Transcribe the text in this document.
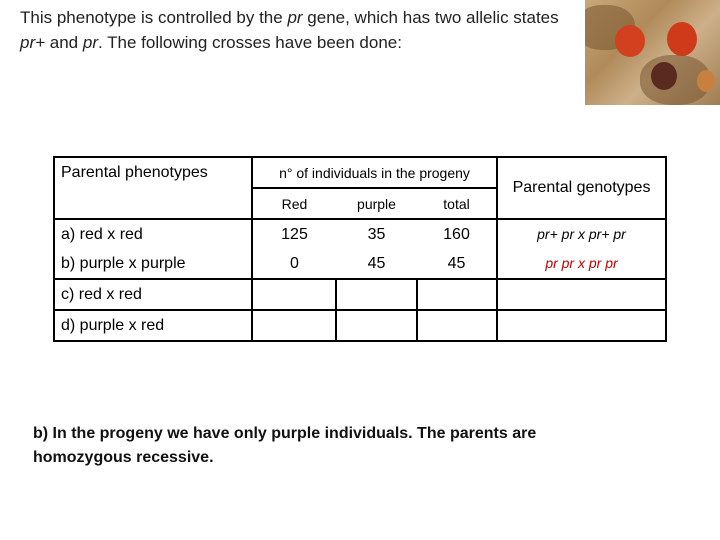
This phenotype is controlled by the pr gene, which has two allelic states pr+ and pr. The following crosses have been done:
Parental phenotypes	n° of individuals in the progeny			Parental genotypes
	Red	purple	total	
a) red x red	125	35	160	pr+ pr x pr+ pr
b) purple x purple	0	45	45	pr pr x pr pr
c) red x red				
d) purple x red				
b) In the progeny we have only purple individuals. The parents are homozygous recessive.
